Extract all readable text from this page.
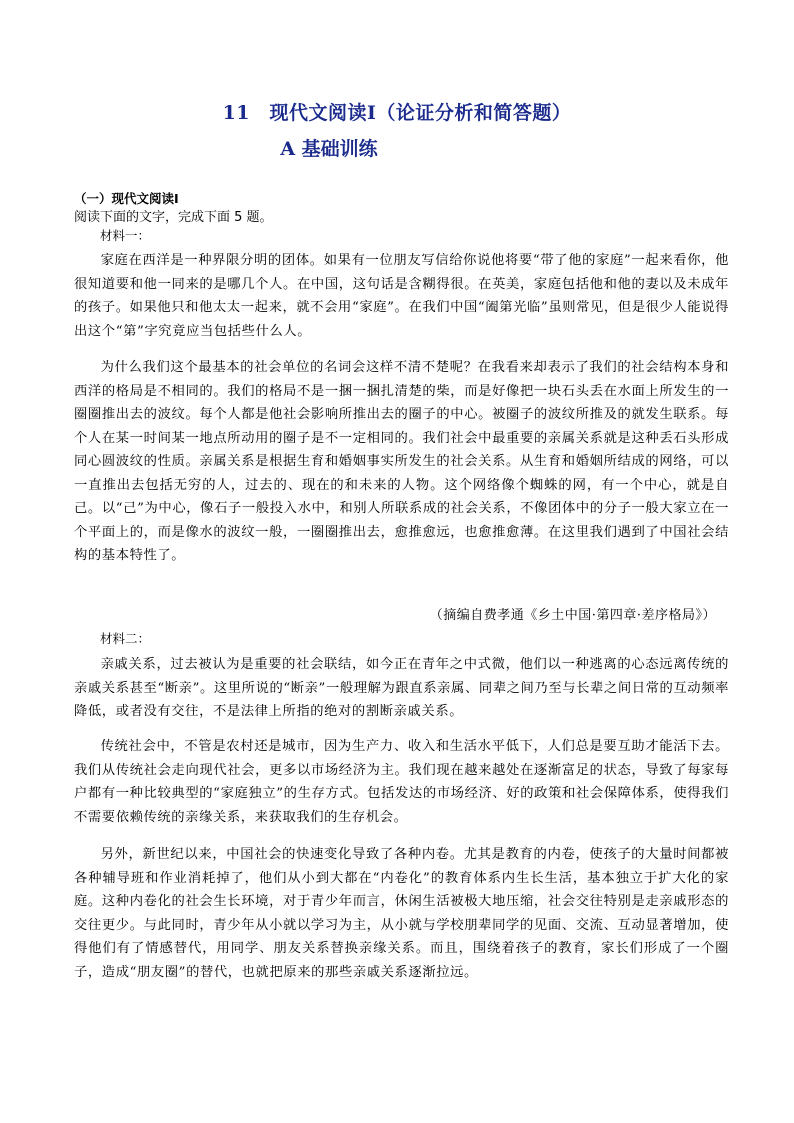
11　现代文阅读Ⅰ（论证分析和简答题）
A 基础训练
（一）现代文阅读Ⅰ
阅读下面的文字，完成下面 5 题。
材料一：

家庭在西洋是一种界限分明的团体。如果有一位朋友写信给你说他将要“带了他的家庭”一起来看你，他很知道要和他一同来的是哪几个人。在中国，这句话是含糊得很。在英美，家庭包括他和他的妻以及未成年的孩子。如果他只和他太太一起来，就不会用“家庭”。在我们中国“阖第光临”虽则常见，但是很少人能说得出这个“第”字究竟应当包括些什么人。

为什么我们这个最基本的社会单位的名词会这样不清不楚呢？在我看来却表示了我们的社会结构本身和西洋的格局是不相同的。我们的格局不是一捆一捆扎清楚的柴，而是好像把一块石头丢在水面上所发生的一圈圈推出去的波纹。每个人都是他社会影响所推出去的圈子的中心。被圈子的波纹所推及的就发生联系。每个人在某一时间某一地点所动用的圈子是不一定相同的。我们社会中最重要的亲属关系就是这种丢石头形成同心圆波纹的性质。亲属关系是根据生育和婚姻事实所发生的社会关系。从生育和婚姻所结成的网络，可以一直推出去包括无穷的人，过去的、现在的和未来的人物。这个网络像个蜘蛛的网，有一个中心，就是自己。以“己”为中心，像石子一般投入水中，和别人所联系成的社会关系，不像团体中的分子一般大家立在一个平面上的，而是像水的波纹一般，一圈圈推出去，愈推愈远，也愈推愈薄。在这里我们遇到了中国社会结构的基本特性了。

（摘编自费孝通《乡土中国·第四章·差序格局》）
材料二：

亲戚关系，过去被认为是重要的社会联结，如今正在青年之中式微，他们以一种逃离的心态远离传统的亲戚关系甚至“断亲”。这里所说的“断亲”一般理解为跟直系亲属、同辈之间乃至与长辈之间日常的互动频率降低，或者没有交往，不是法律上所指的绝对的割断亲戚关系。

传统社会中，不管是农村还是城市，因为生产力、收入和生活水平低下，人们总是要互助才能活下去。我们从传统社会走向现代社会，更多以市场经济为主。我们现在越来越处在逐渐富足的状态，导致了每家每户都有一种比较典型的“家庭独立”的生存方式。包括发达的市场经济、好的政策和社会保障体系，使得我们不需要依赖传统的亲缘关系，来获取我们的生存机会。

另外，新世纪以来，中国社会的快速变化导致了各种内卷。尤其是教育的内卷，使孩子的大量时间都被各种辅导班和作业消耗掉了，他们从小到大都在“内卷化”的教育体系内生长生活，基本独立于扩大化的家庭。这种内卷化的社会生长环境，对于青少年而言，休闲生活被极大地压缩，社会交往特别是走亲戚形态的交往更少。与此同时，青少年从小就以学习为主，从小就与学校朋辈同学的见面、交流、互动显著增加，使得他们有了情感替代，用同学、朋友关系替换亲缘关系。而且，围绕着孩子的教育，家长们形成了一个圈子，造成“朋友圈”的替代，也就把原来的那些亲戚关系逐渐拉远。
